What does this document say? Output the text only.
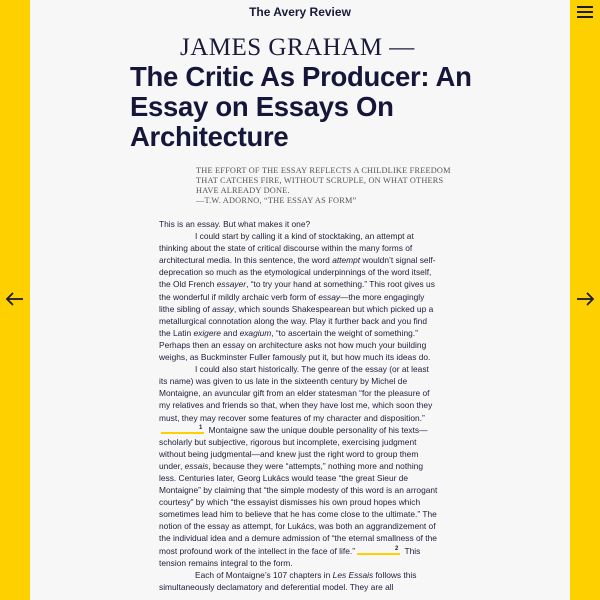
The Avery Review
JAMES GRAHAM —
The Critic As Producer: An Essay on Essays On Architecture
THE EFFORT OF THE ESSAY REFLECTS A CHILDLIKE FREEDOM
THAT CATCHES FIRE, WITHOUT SCRUPLE, ON WHAT OTHERS
HAVE ALREADY DONE.
—T.W. ADORNO, “THE ESSAY AS FORM”

This is an essay. But what makes it one?

I could start by calling it a kind of stocktaking, an attempt at thinking about the state of critical discourse within the many forms of architectural media. In this sentence, the word attempt wouldn’t signal self-deprecation so much as the etymological underpinnings of the word itself, the Old French essayer, “to try your hand at something.” This root gives us the wonderful if mildly archaic verb form of essay—the more engagingly lithe sibling of assay, which sounds Shakespearean but which picked up a metallurgical connotation along the way. Play it further back and you find the Latin exigere and exagium, “to ascertain the weight of something.” Perhaps then an essay on architecture asks not how much your building weighs, as Buckminster Fuller famously put it, but how much its ideas do.

I could also start historically. The genre of the essay (or at least its name) was given to us late in the sixteenth century by Michel de Montaigne, an avuncular gift from an elder statesman “for the pleasure of my relatives and friends so that, when they have lost me, which soon they must, they may recover some features of my character and disposition.”1 Montaigne saw the unique double personality of his texts—scholarly but subjective, rigorous but incomplete, exercising judgment without being judgmental—and knew just the right word to group them under, essais, because they were “attempts,” nothing more and nothing less. Centuries later, Georg Lukács would tease “the great Sieur de Montaigne” by claiming that “the simple modesty of this word is an arrogant courtesy” by which “the essayist dismisses his own proud hopes which sometimes lead him to believe that he has come close to the ultimate.” The notion of the essay as attempt, for Lukács, was both an aggrandizement of the individual idea and a demure admission of “the eternal smallness of the most profound work of the intellect in the face of life.”	2 This tension remains integral to the form.

Each of Montaigne’s 107 chapters in Les Essais follows this simultaneously declamatory and deferential model. They are all
